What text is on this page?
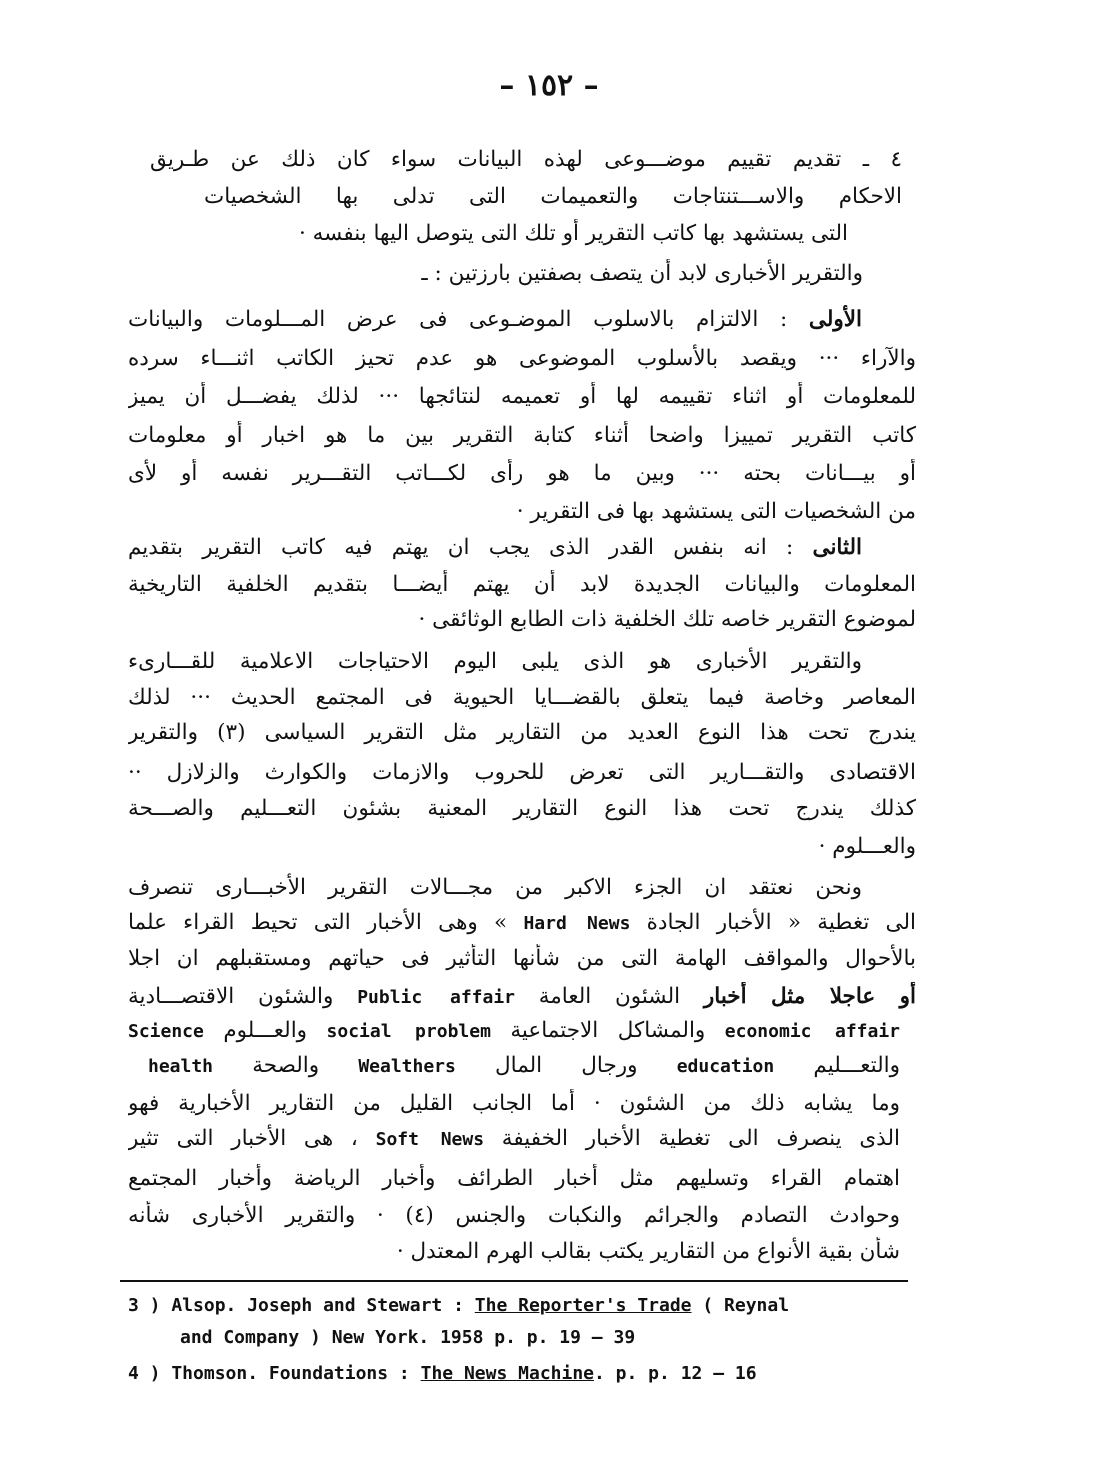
– ١٥٢ –
٤ ـ تقديم تقييم موضـــوعى لهذه البيانات سواء كان ذلك عن طـريق
الاحكام والاســـتنتاجات والتعميمات التى تدلى بها الشخصيات
التى يستشهد بها كاتب التقرير أو تلك التى يتوصل اليها بنفسه ·
والتقرير الأخبارى لابد أن يتصف بصفتين بارزتين : ـ
الأولى : الالتزام بالاسلوب الموضـوعى فى عرض المـــلومات والبيانات
والآراء ··· ويقصد بالأسلوب الموضوعى هو عدم تحيز الكاتب اثنـــاء سرده
للمعلومات أو اثناء تقييمه لها أو تعميمه لنتائجها ··· لذلك يفضـــل أن يميز
كاتب التقرير تمييزا واضحا أثناء كتابة التقرير بين ما هو اخبار أو معلومات
أو بيـــانات بحته ··· وبين ما هو رأى لكـــاتب التقـــرير نفسه أو لأى
من الشخصيات التى يستشهد بها فى التقرير ·
الثانى : انه بنفس القدر الذى يجب ان يهتم فيه كاتب التقرير بتقديم
المعلومات والبيانات الجديدة لابد أن يهتم أيضـــا بتقديم الخلفية التاريخية
لموضوع التقرير خاصه تلك الخلفية ذات الطابع الوثائقى ·
والتقرير الأخبارى هو الذى يلبى اليوم الاحتياجات الاعلامية للقـــارىء
المعاصر وخاصة فيما يتعلق بالقضـــايا الحيوية فى المجتمع الحديث ··· لذلك
يندرج تحت هذا النوع العديد من التقارير مثل التقرير السياسى (٣) والتقرير
الاقتصادى والتقـــارير التى تعرض للحروب والازمات والكوارث والزلازل ··
كذلك يندرج تحت هذا النوع التقارير المعنية بشئون التعـــليم والصـــحة
والعـــلوم ·
ونحن نعتقد ان الجزء الاكبر من مجـــالات التقرير الأخبـــارى تنصرف
الى تغطية « الأخبار الجادة Hard News » وهى الأخبار التى تحيط القراء علما
بالأحوال والمواقف الهامة التى من شأنها التأثير فى حياتهم ومستقبلهم ان اجلا
أو عاجلا مثل أخبار الشئون العامة Public affair والشئون الاقتصـــادية
economic affair والمشاكل الاجتماعية social problem والعـــلوم Science
والتعـــليم education ورجال المال Wealthers والصحة health
وما يشابه ذلك من الشئون · أما الجانب القليل من التقارير الأخبارية فهو
الذى ينصرف الى تغطية الأخبار الخفيفة Soft News ، هى الأخبار التى تثير
اهتمام القراء وتسليهم مثل أخبار الطرائف وأخبار الرياضة وأخبار المجتمع
وحوادث التصادم والجرائم والنكبات والجنس (٤) · والتقرير الأخبارى شأنه
شأن بقية الأنواع من التقارير يكتب بقالب الهرم المعتدل ·
3 ) Alsop. Joseph and Stewart : The Reporter's Trade ( Reynal
and Company ) New York. 1958 p. p. 19 — 39
4 ) Thomson. Foundations : The News Machine. p. p. 12 — 16
